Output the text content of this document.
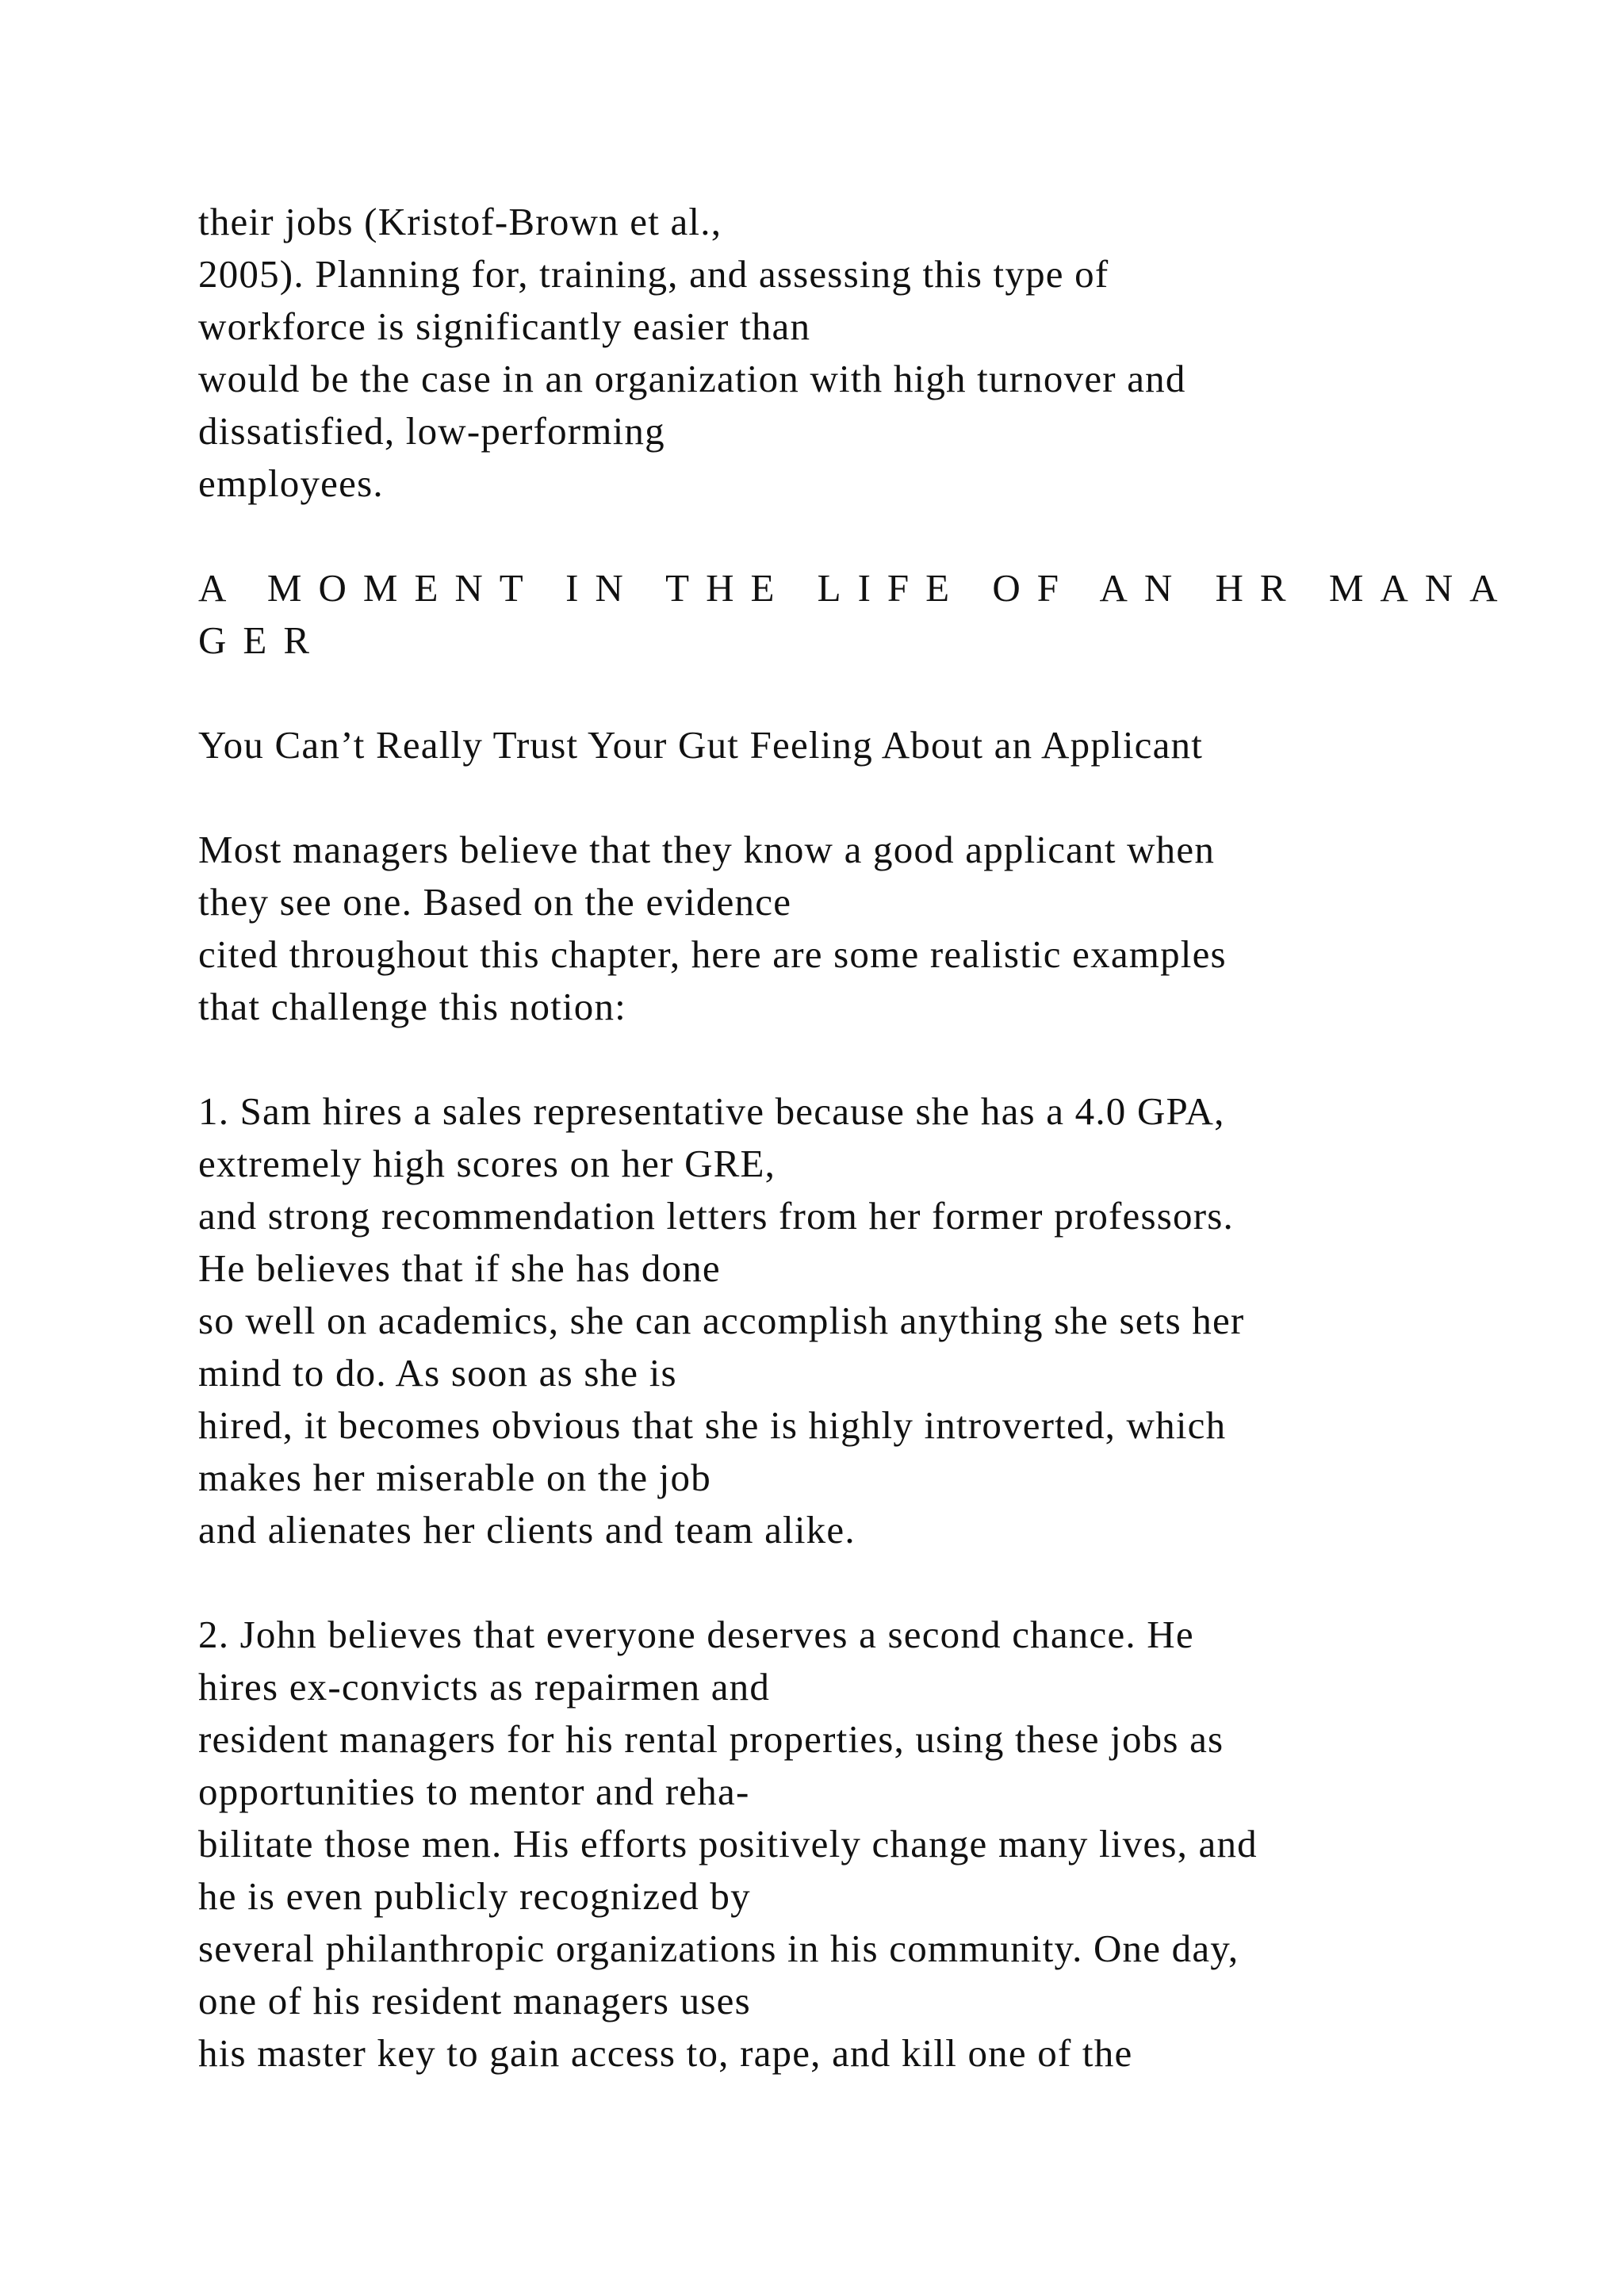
their jobs (Kristof-Brown et al.,
2005). Planning for, training, and assessing this type of
workforce is significantly easier than
would be the case in an organization with high turnover and
dissatisfied, low-performing
employees.
A MOMENT IN THE LIFE OF AN HR MANA
GER
You Can’t Really Trust Your Gut Feeling About an Applicant
Most managers believe that they know a good applicant when
they see one. Based on the evidence
cited throughout this chapter, here are some realistic examples
that challenge this notion:
1. Sam hires a sales representative because she has a 4.0 GPA,
extremely high scores on her GRE,
and strong recommendation letters from her former professors.
He believes that if she has done
so well on academics, she can accomplish anything she sets her
mind to do. As soon as she is
hired, it becomes obvious that she is highly introverted, which
makes her miserable on the job
and alienates her clients and team alike.
2. John believes that everyone deserves a second chance. He
hires ex-convicts as repairmen and
resident managers for his rental properties, using these jobs as
opportunities to mentor and reha-
bilitate those men. His efforts positively change many lives, and
he is even publicly recognized by
several philanthropic organizations in his community. One day,
one of his resident managers uses
his master key to gain access to, rape, and kill one of the
